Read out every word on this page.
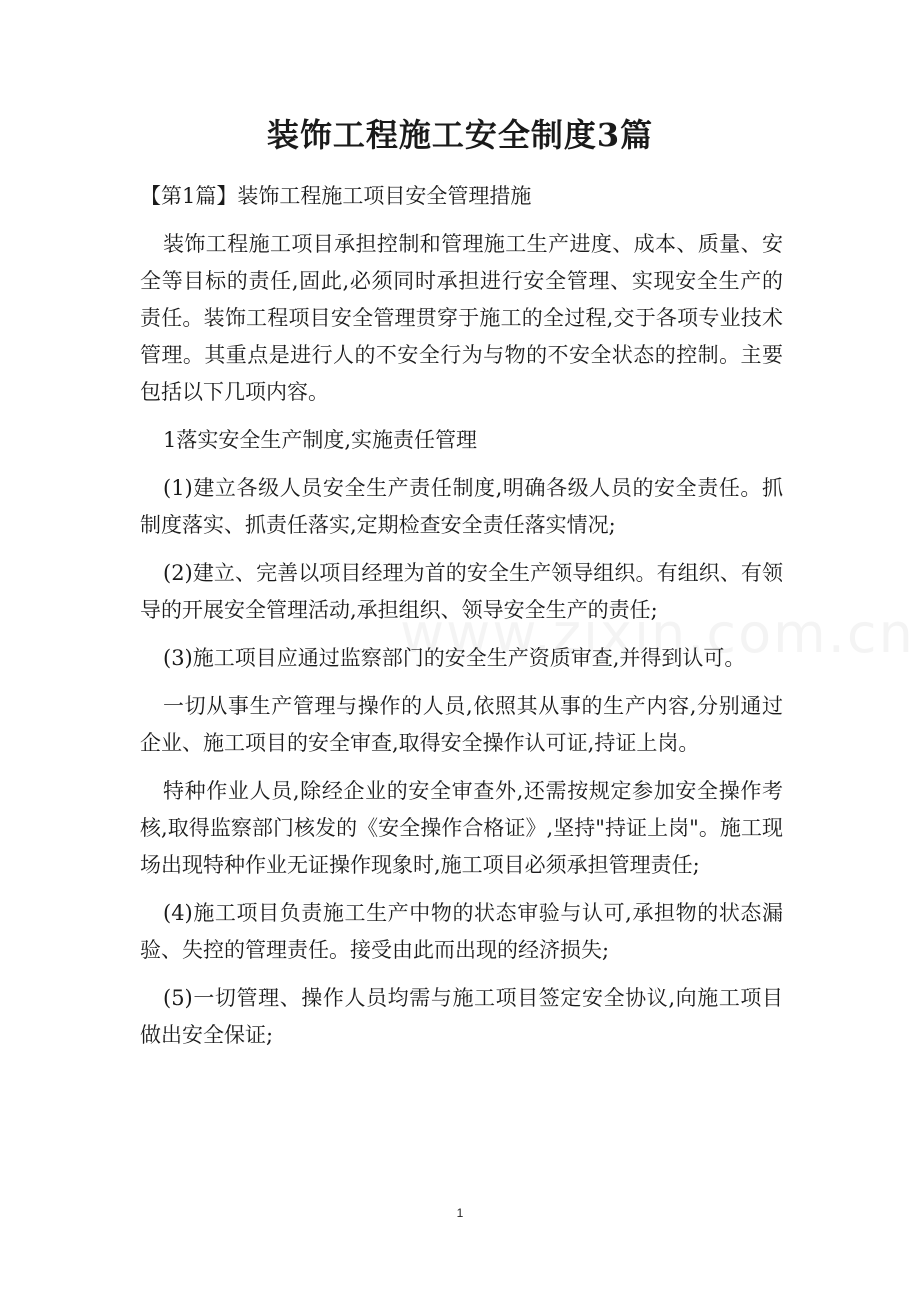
装饰工程施工安全制度3篇

【第1篇】装饰工程施工项目安全管理措施

装饰工程施工项目承担控制和管理施工生产进度、成本、质量、安全等目标的责任,固此,必须同时承担进行安全管理、实现安全生产的责任。装饰工程项目安全管理贯穿于施工的全过程,交于各项专业技术管理。其重点是进行人的不安全行为与物的不安全状态的控制。主要包括以下几项内容。

1落实安全生产制度,实施责任管理

(1)建立各级人员安全生产责任制度,明确各级人员的安全责任。抓制度落实、抓责任落实,定期检查安全责任落实情况;

(2)建立、完善以项目经理为首的安全生产领导组织。有组织、有领导的开展安全管理活动,承担组织、领导安全生产的责任;

(3)施工项目应通过监察部门的安全生产资质审查,并得到认可。

一切从事生产管理与操作的人员,依照其从事的生产内容,分别通过企业、施工项目的安全审查,取得安全操作认可证,持证上岗。

特种作业人员,除经企业的安全审查外,还需按规定参加安全操作考核,取得监察部门核发的《安全操作合格证》,坚持"持证上岗"。施工现场出现特种作业无证操作现象时,施工项目必须承担管理责任;

(4)施工项目负责施工生产中物的状态审验与认可,承担物的状态漏验、失控的管理责任。接受由此而出现的经济损失;

(5)一切管理、操作人员均需与施工项目签定安全协议,向施工项目做出安全保证;

1
